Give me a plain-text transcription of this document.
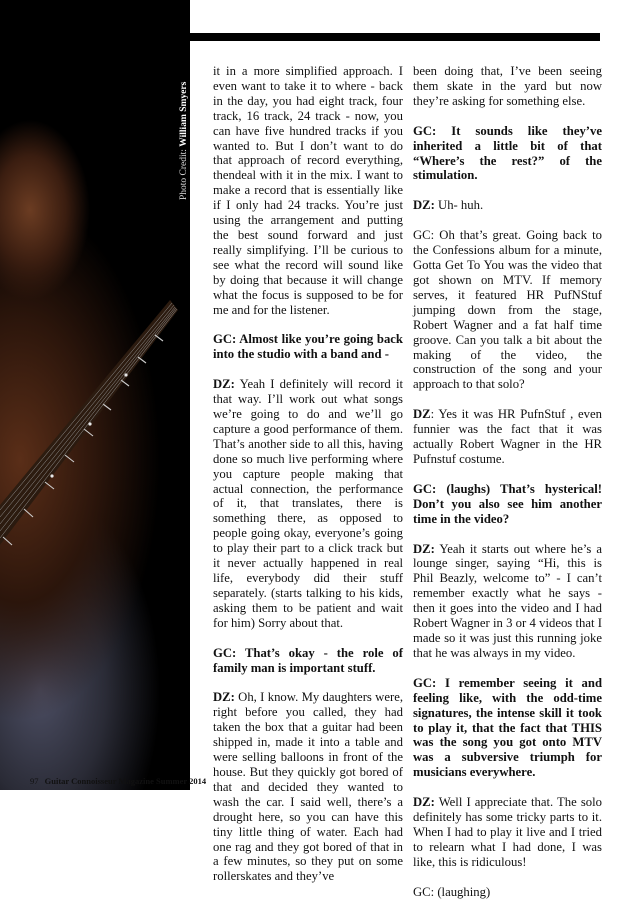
Photo Credit: William Smyers

it in a more simplified approach. I even want to take it to where - back in the day, you had eight track, four track, 16 track, 24 track - now, you can have five hundred tracks if you wanted to. But I don’t want to do that approach of record everything, thendeal with it in the mix. I want to make a record that is essentially like if I only had 24 tracks. You’re just using the arrangement and putting the best sound forward and just really simplifying. I’ll be curious to see what the record will sound like by doing that because it will change what the focus is supposed to be for me and for the listener.

GC: Almost like you’re going back into the studio with a band and -

DZ: Yeah I definitely will record it that way. I’ll work out what songs we’re going to do and we’ll go capture a good performance of them. That’s another side to all this, having done so much live performing where you capture people making that actual connection, the performance of it, that translates, there is something there, as opposed to people going okay, everyone’s going to play their part to a click track but it never actually happened in real life, everybody did their stuff separately. (starts talking to his kids, asking them to be patient and wait for him) Sorry about that.

GC: That’s okay - the role of family man is important stuff.

DZ: Oh, I know. My daughters were, right before you called, they had taken the box that a guitar had been shipped in, made it into a table and were selling balloons in front of the house. But they quickly got bored of that and decided they wanted to wash the car. I said well, there’s a drought here, so you can have this tiny little thing of water. Each had one rag and they got bored of that in a few minutes, so they put on some rollerskates and they’ve

been doing that, I’ve been seeing them skate in the yard but now they’re asking for something else.

GC: It sounds like they’ve inherited a little bit of that “Where’s the rest?” of the stimulation.

DZ: Uh- huh.

GC: Oh that’s great. Going back to the Confessions album for a minute, Gotta Get To You was the video that got shown on MTV. If memory serves, it featured HR PufNStuf jumping down from the stage, Robert Wagner and a fat half time groove. Can you talk a bit about the making of the video, the construction of the song and your approach to that solo?

DZ: Yes it was HR PufnStuf , even funnier was the fact that it was actually Robert Wagner in the HR Pufnstuf costume.

GC: (laughs) That’s hysterical! Don’t you also see him another time in the video?

DZ: Yeah it starts out where he’s a lounge singer, saying “Hi, this is Phil Beazly, welcome to” - I can’t remember exactly what he says - then it goes into the video and I had Robert Wagner in 3 or 4 videos that I made so it was just this running joke that he was always in my video.

GC: I remember seeing it and feeling like, with the odd-time signatures, the intense skill it took to play it, that the fact that THIS was the song you got onto MTV was a subversive triumph for musicians everywhere.

DZ: Well I appreciate that. The solo definitely has some tricky parts to it. When I had to play it live and I tried to relearn what I had done, I was like, this is ridiculous!

GC: (laughing)

97 Guitar Connoisseur Magazine Summer 2014
